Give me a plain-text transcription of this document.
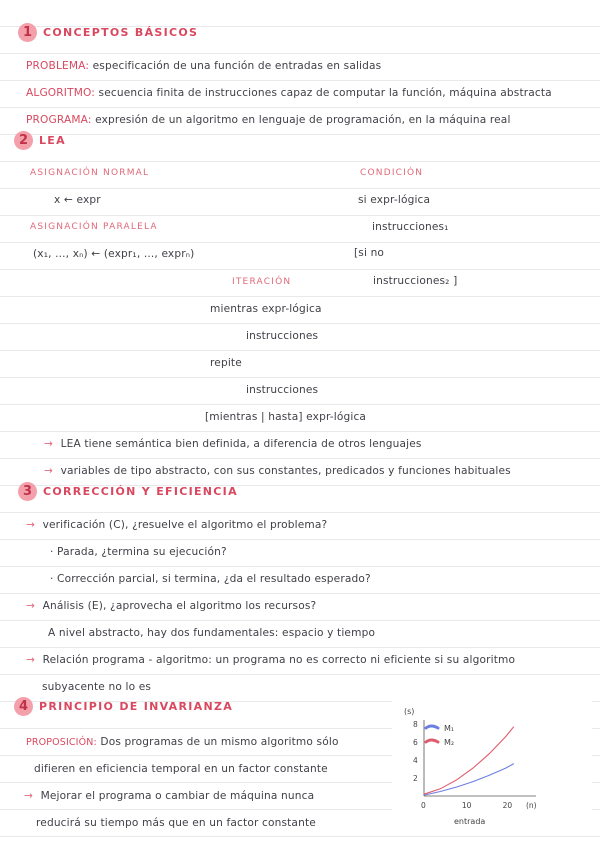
1 CONCEPTOS BÁSICOS
PROBLEMA: especificación de una función de entradas en salidas
ALGORITMO: secuencia finita de instrucciones capaz de computar la función, máquina abstracta
PROGRAMA: expresión de un algoritmo en lenguaje de programación, en la máquina real
2 LEA
ASIGNACIÓN NORMAL
x ← expr
ASIGNACIÓN PARALELA
(x₁, ..., xₙ) ← (expr₁, ..., exprₙ)
CONDICIÓN
si expr-lógica
instrucciones₁
[si no
instrucciones₂ ]
ITERACIÓN
mientras expr-lógica
instrucciones
repite
instrucciones
[mientras | hasta] expr-lógica
→ LEA tiene semántica bien definida, a diferencia de otros lenguajes
→ variables de tipo abstracto, con sus constantes, predicados y funciones habituales
3 CORRECCIÓN Y EFICIENCIA
→ verificación (C), ¿resuelve el algoritmo el problema?
· Parada, ¿termina su ejecución?
· Corrección parcial, si termina, ¿da el resultado esperado?
→ Análisis (E), ¿aprovecha el algoritmo los recursos?
A nivel abstracto, hay dos fundamentales: espacio y tiempo
→ Relación programa - algoritmo: un programa no es correcto ni eficiente si su algoritmo
subyacente no lo es
4 PRINCIPIO DE INVARIANZA
PROPOSICIÓN: Dos programas de un mismo algoritmo sólo
difieren en eficiencia temporal en un factor constante
→ Mejorar el programa o cambiar de máquina nunca
reducirá su tiempo más que en un factor constante
(s)
2
4
6
8
0	10	20 (n)
entrada
M₁
M₂
